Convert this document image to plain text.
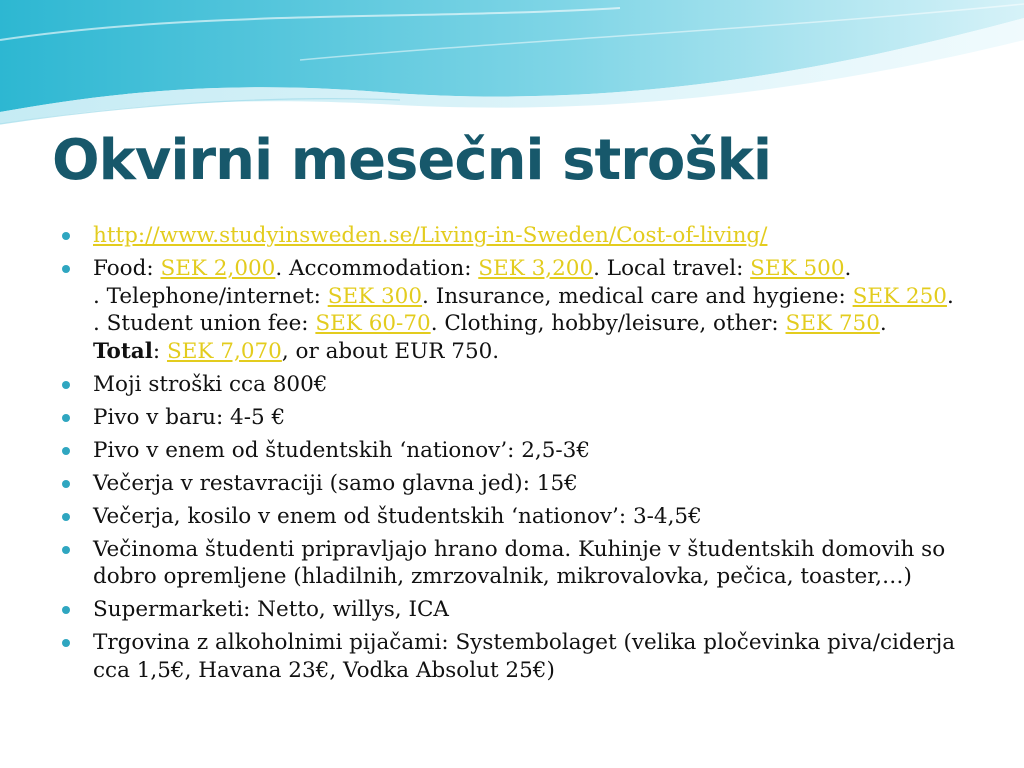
Okvirni mesečni stroški
http://www.studyinsweden.se/Living-in-Sweden/Cost-of-living/
Food: SEK 2,000. Accommodation: SEK 3,200. Local travel: SEK 500.
. Telephone/internet: SEK 300. Insurance, medical care and hygiene: SEK 250.
. Student union fee: SEK 60-70. Clothing, hobby/leisure, other: SEK 750.
Total: SEK 7,070, or about EUR 750.
Moji stroški cca 800€
Pivo v baru: 4-5 €
Pivo v enem od študentskih ‘nationov’: 2,5-3€
Večerja v restavraciji (samo glavna jed): 15€
Večerja, kosilo v enem od študentskih ‘nationov’: 3-4,5€
Večinoma študenti pripravljajo hrano doma. Kuhinje v študentskih domovih so dobro opremljene (hladilnih, zmrzovalnik, mikrovalovka, pečica, toaster,…)
Supermarketi: Netto, willys, ICA
Trgovina z alkoholnimi pijačami: Systembolaget (velika pločevinka piva/ciderja cca 1,5€, Havana 23€, Vodka Absolut 25€)
